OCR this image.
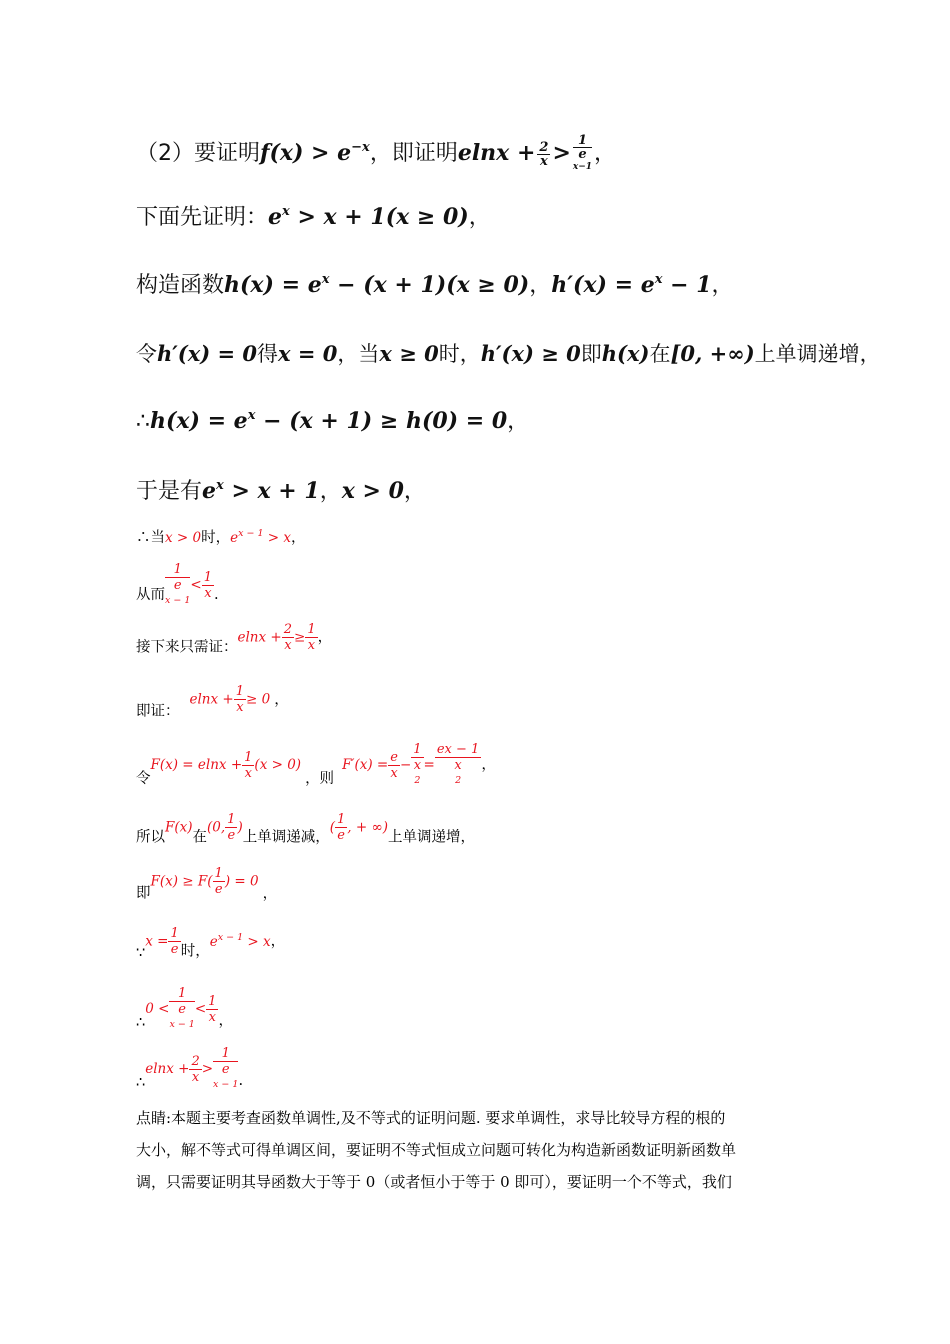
（2）要证明$f(x) > e^{-x}$，即证明$elnx + \frac{2}{x} > 1$
e
x−1 ，
下面先证明：$e^x > x + 1(x \ge 0)$，
构造函数$h(x) = e^x - (x + 1)(x \ge 0)$，$h'(x) = e^x - 1$，
令h′(x) = 0得x = 0，当x ≥ 0时，h′(x) ≥ 0即h(x)在[0, +∞)上单调递增，
∴h(x) = $e^x - (x + 1) \ge h(0) = 0$，
于是有$e^x > x + 1$，x > 0，
∴当x > 0时，$e^{x - 1} > x$，
从而 1
e
$x - 1 < \frac{1}{x}$ .
接下来只需证：$elnx + \frac{2}{x} \ge \frac{1}{x}$ ，
即证：$elnx + \frac{1}{x} \ge 0$ ，
令$F(x) = elnx + \frac{1}{x} (x > 0)$，则$F'(x) = \frac{e}{x} - 1$
x
2 = ex − 1
x
2 ，
所以F(x)在(0, $\frac{1}{e}$ )上单调递减，( $\frac{1}{e}$ , + ∞)上单调递增，
即$F(x) \ge F( \frac{1}{e}$ ) = 0，
∵x = $\frac{1}{e}$ 时，$e^{x - 1} > x$，
∴0 < 1
e
$x - 1 < \frac{1}{x}$ ，
∴elnx + $\frac{2}{x} > 1$
e
x − 1 .
点睛:本题主要考查函数单调性,及不等式的证明问题. 要求单调性，求导比较导方程的根的
大小，解不等式可得单调区间，要证明不等式恒成立问题可转化为构造新函数证明新函数单
调，只需要证明其导函数大于等于 0（或者恒小于等于 0 即可），要证明一个不等式，我们
